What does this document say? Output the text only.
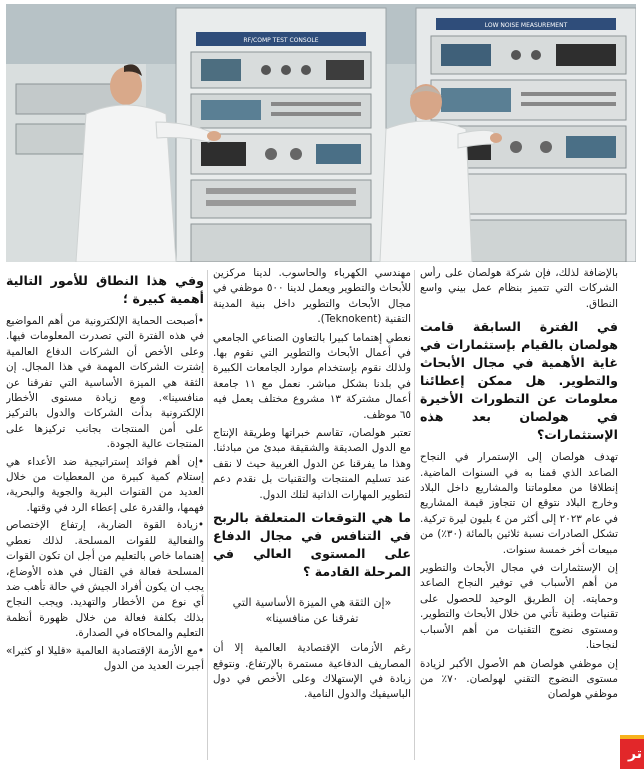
RF/COMP TEST CONSOLE
LOW NOISE MEASUREMENT

بالإضافة لذلك، فإن شركة هولصان على رأس الشركات التي تتميز بنظام عمل بيني واسع النطاق.

في الفترة السابقة قامت هولصان بالقيام بإستثمارات في غاية الأهمية في مجال الأبحاث والتطوير. هل ممكن إعطائنا معلومات عن التطورات الأخيرة في هولصان بعد هذه الإستثمارات؟

تهدف هولصان إلى الإستمرار في النجاح الصاعد الذي قمنا به في السنوات الماضية. إنطلاقا من معلوماتنا والمشاريع داخل البلاد وخارج البلاد نتوقع ان تتجاوز قيمة المشاريع في عام ٢٠٢٣ إلى أكثر من ٤ بليون ليرة تركية. تشكل الصادرات نسبة ثلاثين بالمائة (٣٠٪) من مبيعات أخر خمسة سنوات.

إن الإستثمارات في مجال الأبحاث والتطوير من أهم الأسباب في توفير النجاح الصاعد وحمايته. إن الطريق الوحيد للحصول على تقنيات وطنية تأتي من خلال الأبحاث والتطوير. ومستوى نضوج التقنيات من أهم الأسباب لنجاحنا.

إن موظفي هولصان هم الأصول الأكبر لزيادة مستوى النضوج التقني لهولصان. ٧٠٪ من موظفي هولصان

مهندسي الكهرباء والحاسوب. لدينا مركزين للأبحاث والتطوير ويعمل لدينا ٥٠٠ موظفي في مجال الأبحاث والتطوير داخل بنية المدينة التقنية (Teknokent).

نعطي إهتماما كبيرا بالتعاون الصناعي الجامعي في أعمال الأبحاث والتطوير التي نقوم بها. ولذلك نقوم بإستخدام موارد الجامعات الكبيرة في بلدنا بشكل مباشر. نعمل مع ١١ جامعة أعمال مشتركة ١٣ مشروع مختلف يعمل فيه ٦٥ موظف.

تعتبر هولصان، تقاسم خبراتها وطريقة الإنتاج مع الدول الصديقة والشقيقة مبدئ من مبادئنا. وهذا ما يفرقنا عن الدول الغربية حيث لا نقف عند تسليم المنتجات والتقنيات بل نقدم دعم لتطوير المهارات الذاتية لتلك الدول.

ما هي التوقعات المتعلقة بالربح في التنافس في مجال الدفاع على المستوى العالي في المرحلة القادمة ؟

«إن الثقة هي الميزة الأساسية التي تفرقنا عن منافسينا»

رغم الأزمات الإقتصادية العالمية إلا أن المصاريف الدفاعية مستمرة بالإرتفاع. ونتوقع زيادة في الإستهلاك وعلى الأخص في دول الباسيفيك والدول النامية.

وفي هذا النطاق للأمور التالية أهمية كبيرة ؛

•أصبحت الحماية الإلكترونية من أهم المواضيع في هذه الفترة التي تصدرت المعلومات فيها. وعلى الأخص أن الشركات الدفاع العالمية إشترت الشركات المهمة في هذا المجال. إن الثقة هي الميزة الأساسية التي تفرقنا عن منافسينا». ومع زيادة مستوى الأخطار الإلكترونية بدأت الشركات والدول بالتركيز على أمن المنتجات بجانب تركيزها على المنتجات عالية الجودة.

•إن أهم فوائد إستراتيجية ضد الأعداء هي إستلام كمية كبيرة من المعطيات من خلال العديد من القنوات البرية والجوية والبحرية، فهمها، والقدرة على إعطاء الرد في وقتها.

•زيادة القوة الضاربة، إرتفاع الإختصاص والفعالية للقوات المسلحة. لذلك نعطي إهتماما خاص بالتعليم من أجل ان تكون القوات المسلحة فعالة في القتال في هذه الأوضاع، يجب ان يكون أفراد الجيش في حالة تأهب ضد أي نوع من الأخطار والتهديد. ويجب النجاح بذلك بكلفة فعالة من خلال ظهورة أنظمة التعليم والمحاكاه في الصدارة.

•مع الأزمة الإقتصادية العالمية «قليلا او كثيرا» أجبرت العديد من الدول

تر
